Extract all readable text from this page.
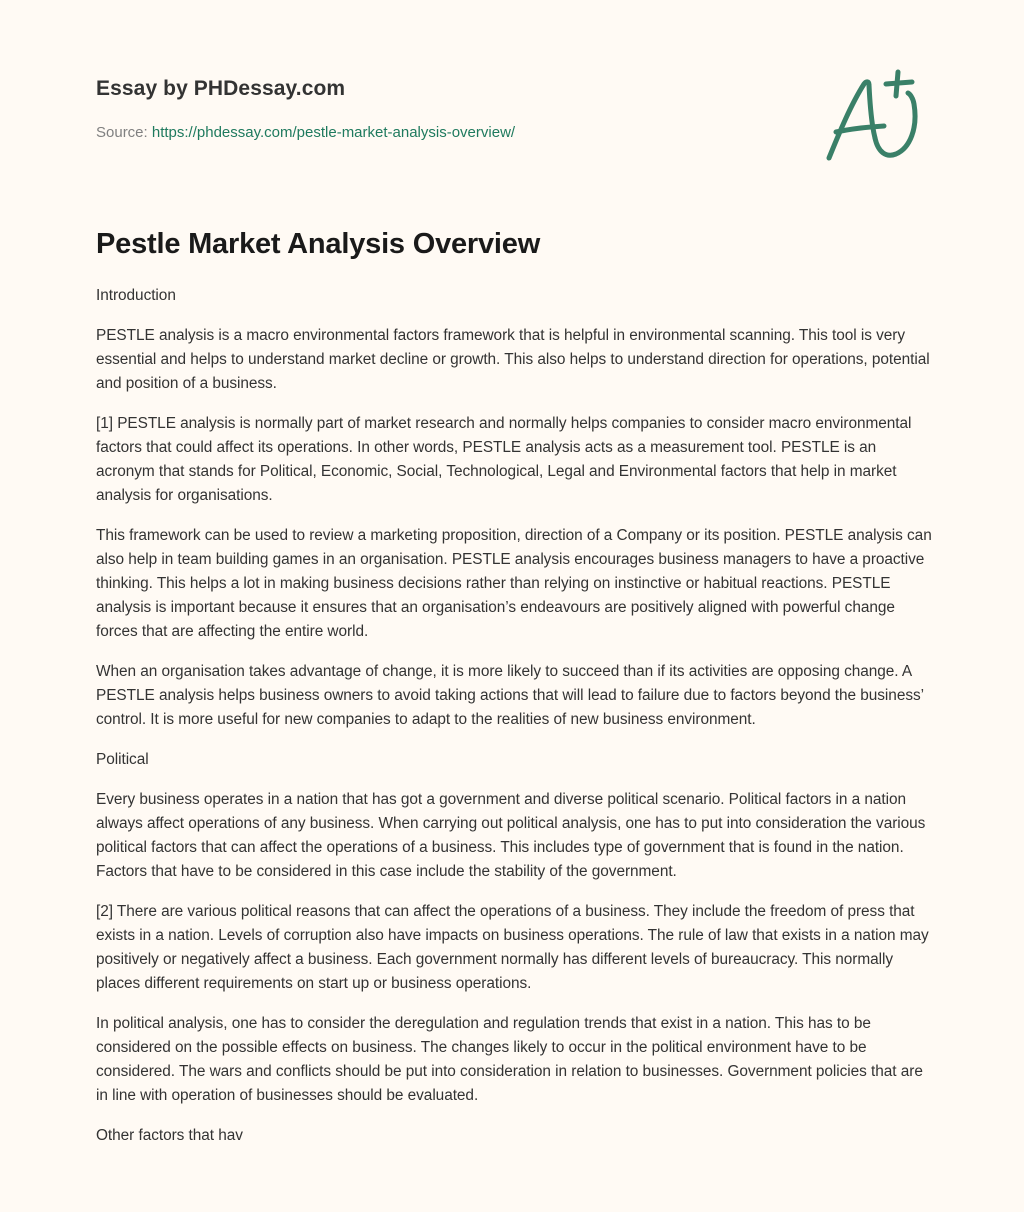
Essay by PHDessay.com
Source: https://phdessay.com/pestle-market-analysis-overview/
Pestle Market Analysis Overview

Introduction

PESTLE analysis is a macro environmental factors framework that is helpful in environmental scanning. This tool is very essential and helps to understand market decline or growth. This also helps to understand direction for operations, potential and position of a business.

[1] PESTLE analysis is normally part of market research and normally helps companies to consider macro environmental factors that could affect its operations. In other words, PESTLE analysis acts as a measurement tool. PESTLE is an acronym that stands for Political, Economic, Social, Technological, Legal and Environmental factors that help in market analysis for organisations.

This framework can be used to review a marketing proposition, direction of a Company or its position. PESTLE analysis can also help in team building games in an organisation. PESTLE analysis encourages business managers to have a proactive thinking. This helps a lot in making business decisions rather than relying on instinctive or habitual reactions. PESTLE analysis is important because it ensures that an organisation’s endeavours are positively aligned with powerful change forces that are affecting the entire world.

When an organisation takes advantage of change, it is more likely to succeed than if its activities are opposing change. A PESTLE analysis helps business owners to avoid taking actions that will lead to failure due to factors beyond the business’ control. It is more useful for new companies to adapt to the realities of new business environment.

Political

Every business operates in a nation that has got a government and diverse political scenario. Political factors in a nation always affect operations of any business. When carrying out political analysis, one has to put into consideration the various political factors that can affect the operations of a business. This includes type of government that is found in the nation. Factors that have to be considered in this case include the stability of the government.

[2] There are various political reasons that can affect the operations of a business. They include the freedom of press that exists in a nation. Levels of corruption also have impacts on business operations. The rule of law that exists in a nation may positively or negatively affect a business. Each government normally has different levels of bureaucracy. This normally places different requirements on start up or business operations.

In political analysis, one has to consider the deregulation and regulation trends that exist in a nation. This has to be considered on the possible effects on business. The changes likely to occur in the political environment have to be considered. The wars and conflicts should be put into consideration in relation to businesses. Government policies that are in line with operation of businesses should be evaluated.

Other factors that hav
